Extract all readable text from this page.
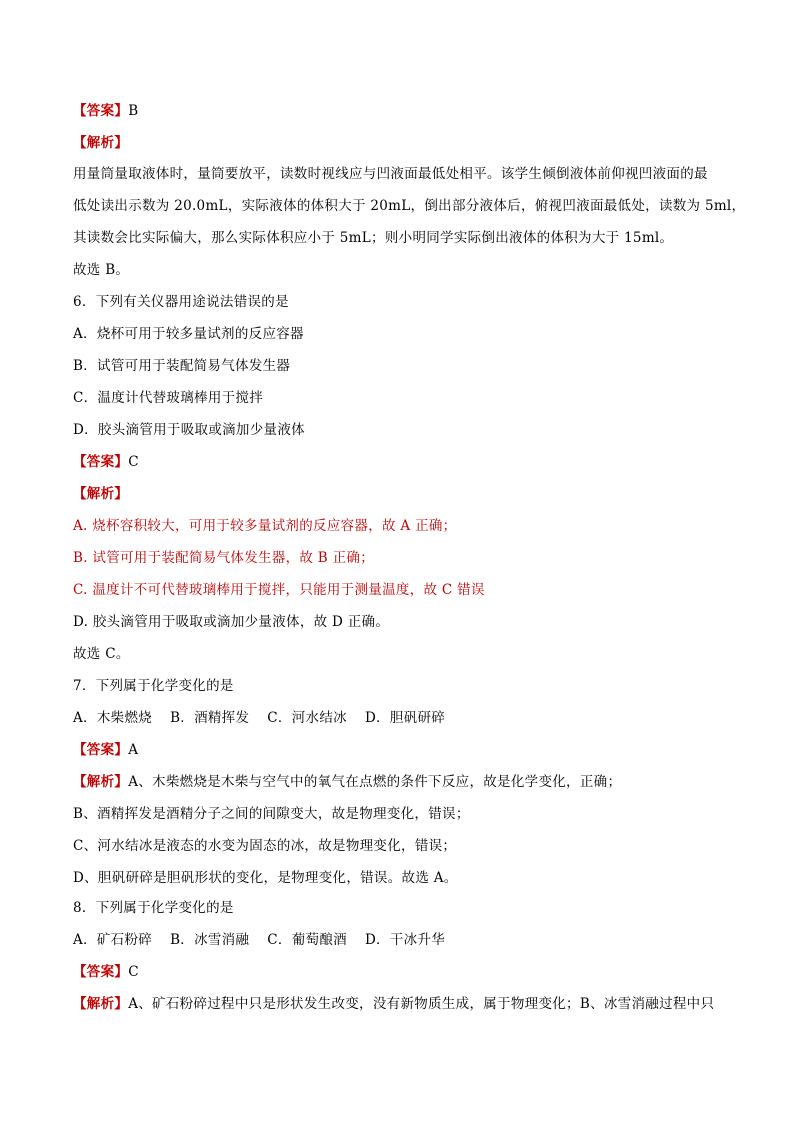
【答案】B
【解析】
用量筒量取液体时，量筒要放平，读数时视线应与凹液面最低处相平。该学生倾倒液体前仰视凹液面的最
低处读出示数为 20.0mL，实际液体的体积大于 20mL，倒出部分液体后，俯视凹液面最低处，读数为 5ml，
其读数会比实际偏大，那么实际体积应小于 5mL；则小明同学实际倒出液体的体积为大于 15ml。
故选 B。
6．下列有关仪器用途说法错误的是
A．烧杯可用于较多量试剂的反应容器
B．试管可用于装配简易气体发生器
C．温度计代替玻璃棒用于搅拌
D．胶头滴管用于吸取或滴加少量液体
【答案】C
【解析】
A. 烧杯容积较大，可用于较多量试剂的反应容器，故 A 正确；
B. 试管可用于装配简易气体发生器，故 B 正确；
C. 温度计不可代替玻璃棒用于搅拌，只能用于测量温度，故 C 错误
D. 胶头滴管用于吸取或滴加少量液体，故 D 正确。
故选 C。
7．下列属于化学变化的是
A．木柴燃烧 B．酒精挥发 C．河水结冰 D．胆矾研碎
【答案】A
【解析】A、木柴燃烧是木柴与空气中的氧气在点燃的条件下反应，故是化学变化，正确；
B、酒精挥发是酒精分子之间的间隙变大，故是物理变化，错误；
C、河水结冰是液态的水变为固态的冰，故是物理变化，错误；
D、胆矾研碎是胆矾形状的变化，是物理变化，错误。故选 A。
8．下列属于化学变化的是
A．矿石粉碎 B．冰雪消融 C．葡萄酿酒 D．干冰升华
【答案】C
【解析】A、矿石粉碎过程中只是形状发生改变，没有新物质生成，属于物理变化；B、冰雪消融过程中只
